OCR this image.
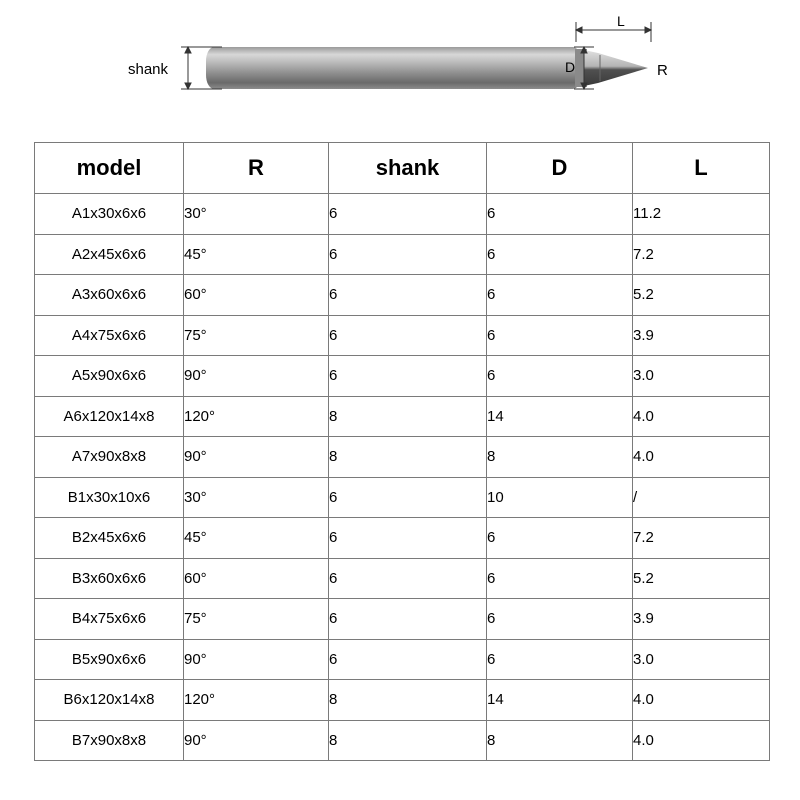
shank	D	R
L
model	R	shank	D	L
A1x30x6x6	30°	6	6	11.2
A2x45x6x6	45°	6	6	7.2
A3x60x6x6	60°	6	6	5.2
A4x75x6x6	75°	6	6	3.9
A5x90x6x6	90°	6	6	3.0
A6x120x14x8	120°	8	14	4.0
A7x90x8x8	90°	8	8	4.0
B1x30x10x6	30°	6	10	/
B2x45x6x6	45°	6	6	7.2
B3x60x6x6	60°	6	6	5.2
B4x75x6x6	75°	6	6	3.9
B5x90x6x6	90°	6	6	3.0
B6x120x14x8	120°	8	14	4.0
B7x90x8x8	90°	8	8	4.0
